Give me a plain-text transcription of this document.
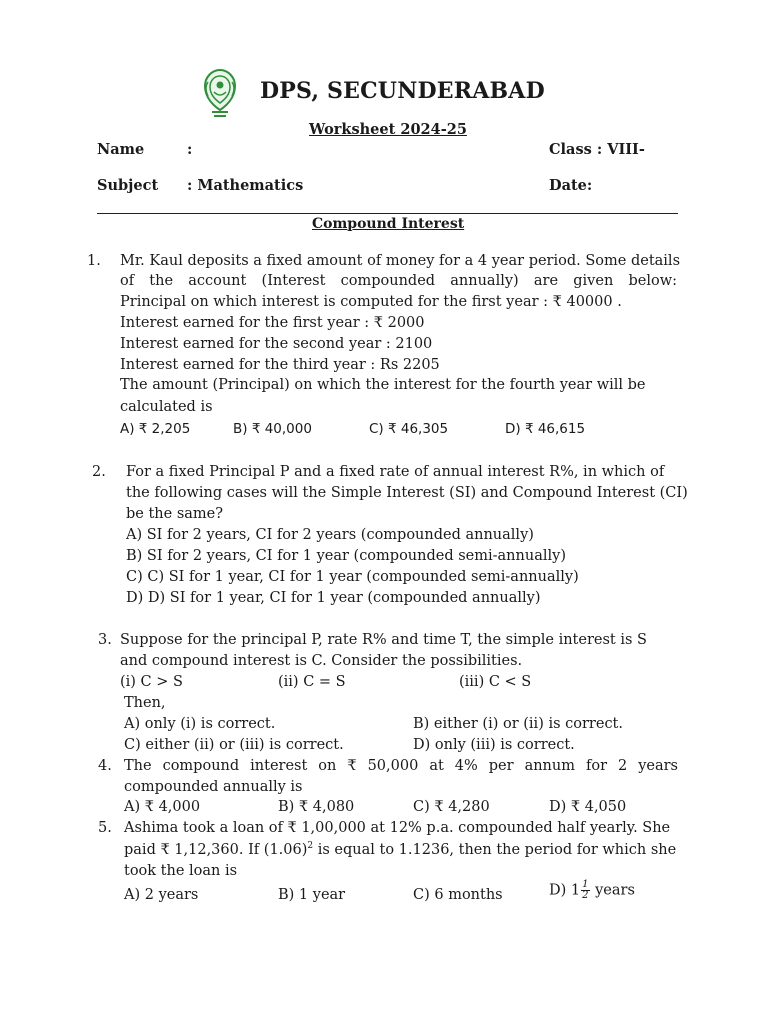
DPS, SECUNDERABAD
Worksheet 2024-25
Name	:	Class : VIII-
Subject : Mathematics	Date:
Compound Interest
1. Mr. Kaul deposits a fixed amount of money for a 4 year period. Some details
of the account (Interest compounded annually) are given below:
Principal on which interest is computed for the first year : ₹ 40000 .
Interest earned for the first year : ₹ 2000
Interest earned for the second year : 2100
Interest earned for the third year : Rs 2205
The amount (Principal) on which the interest for the fourth year will be
calculated is
A) ₹ 2,205	B) ₹ 40,000	C) ₹ 46,305	D) ₹ 46,615
2. For a fixed Principal P and a fixed rate of annual interest R%, in which of
the following cases will the Simple Interest (SI) and Compound Interest (CI)
be the same?
A) SI for 2 years, CI for 2 years (compounded annually)
B) SI for 2 years, CI for 1 year (compounded semi-annually)
C) C) SI for 1 year, CI for 1 year (compounded semi-annually)
D) D) SI for 1 year, CI for 1 year (compounded annually)
3. Suppose for the principal P, rate R% and time T, the simple interest is S
and compound interest is C. Consider the possibilities.
(i) C > S	(ii) C = S	(iii) C < S
Then,
A) only (i) is correct.	B) either (i) or (ii) is correct.
C) either (ii) or (iii) is correct.	D) only (iii) is correct.
4. The compound interest on ₹ 50,000 at 4% per annum for 2 years
compounded annually is
A) ₹ 4,000	B) ₹ 4,080	C) ₹ 4,280	D) ₹ 4,050
5. Ashima took a loan of ₹ 1,00,000 at 12% p.a. compounded half yearly. She
paid ₹ 1,12,360. If $(1.06)^2$ is equal to 1.1236, then the period for which she
took the loan is
A) 2 years	B) 1 year	C) 6 months	D) $1 \frac{1}{2}$ years
